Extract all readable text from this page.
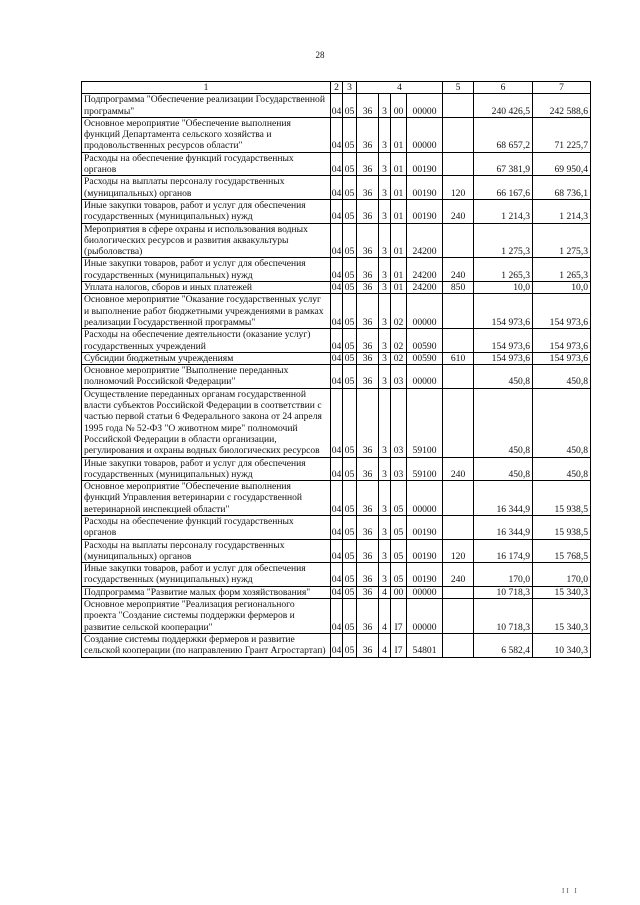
28
1	2	3	4				5	6	7
Подпрограмма "Обеспечение реализации Государственной программы"	04	05	36	3	00	00000		240 426,5	242 588,6
Основное мероприятие "Обеспечение выполнения функций Департамента сельского хозяйства и продовольственных ресурсов области"	04	05	36	3	01	00000		68 657,2	71 225,7
Расходы на обеспечение функций государственных органов	04	05	36	3	01	00190		67 381,9	69 950,4
Расходы на выплаты персоналу государственных (муниципальных) органов	04	05	36	3	01	00190	120	66 167,6	68 736,1
Иные закупки товаров, работ и услуг для обеспечения государственных (муниципальных) нужд	04	05	36	3	01	00190	240	1 214,3	1 214,3
Мероприятия в сфере охраны и использования водных биологических ресурсов и развития аквакультуры (рыболовства)	04	05	36	3	01	24200		1 275,3	1 275,3
Иные закупки товаров, работ и услуг для обеспечения государственных (муниципальных) нужд	04	05	36	3	01	24200	240	1 265,3	1 265,3
Уплата налогов, сборов и иных платежей	04	05	36	3	01	24200	850	10,0	10,0
Основное мероприятие "Оказание государственных услуг и выполнение работ бюджетными учреждениями в рамках реализации Государственной программы"	04	05	36	3	02	00000		154 973,6	154 973,6
Расходы на обеспечение деятельности (оказание услуг) государственных учреждений	04	05	36	3	02	00590		154 973,6	154 973,6
Субсидии бюджетным учреждениям	04	05	36	3	02	00590	610	154 973,6	154 973,6
Основное мероприятие "Выполнение переданных полномочий Российской Федерации"	04	05	36	3	03	00000		450,8	450,8
Осуществление переданных органам государственной власти субъектов Российской Федерации в соответствии с частью первой статьи 6 Федерального закона от 24 апреля 1995 года № 52-ФЗ "О животном мире" полномочий Российской Федерации в области организации, регулирования и охраны водных биологических ресурсов	04	05	36	3	03	59100		450,8	450,8
Иные закупки товаров, работ и услуг для обеспечения государственных (муниципальных) нужд	04	05	36	3	03	59100	240	450,8	450,8
Основное мероприятие "Обеспечение выполнения функций Управления ветеринарии с государственной ветеринарной инспекцией области"	04	05	36	3	05	00000		16 344,9	15 938,5
Расходы на обеспечение функций государственных органов	04	05	36	3	05	00190		16 344,9	15 938,5
Расходы на выплаты персоналу государственных (муниципальных) органов	04	05	36	3	05	00190	120	16 174,9	15 768,5
Иные закупки товаров, работ и услуг для обеспечения государственных (муниципальных) нужд	04	05	36	3	05	00190	240	170,0	170,0
Подпрограмма "Развитие малых форм хозяйствования"	04	05	36	4	00	00000		10 718,3	15 340,3
Основное мероприятие "Реализация регионального проекта "Создание системы поддержки фермеров и развитие сельской кооперации"	04	05	36	4	I7	00000		10 718,3	15 340,3
Создание системы поддержки фермеров и развитие сельской кооперации (по направлению Грант Агростартап)	04	05	36	4	I7	54801		6 582,4	10 340,3
II I
